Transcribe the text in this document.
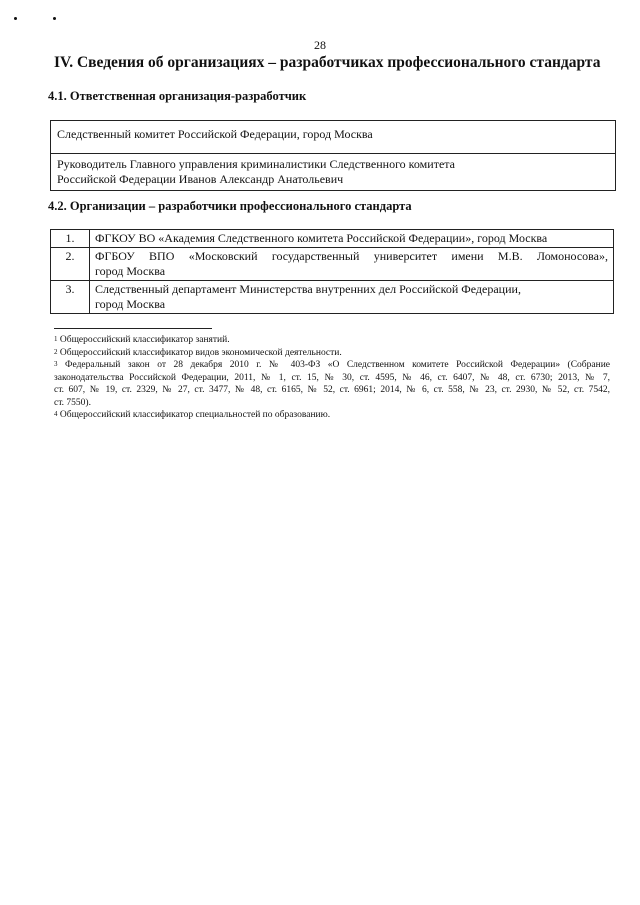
28
IV. Сведения об организациях – разработчиках профессионального стандарта
4.1. Ответственная организация-разработчик
Следственный комитет Российской Федерации, город Москва
Руководитель Главного управления криминалистики Следственного комитета
Российской Федерации Иванов Александр Анатольевич
4.2. Организации – разработчики профессионального стандарта
1.	ФГКОУ ВО «Академия Следственного комитета Российской Федерации», город Москва

2.	ФГБОУ ВПО «Московский государственный университет имени М.В. Ломоносова»,
город Москва

3.	Следственный департамент Министерства внутренних дел Российской Федерации,
город Москва
$^1$ Общероссийский классификатор занятий.
$^2$ Общероссийский классификатор видов экономической деятельности.
$^3$ Федеральный закон от 28 декабря 2010 г. № 403-ФЗ «О Следственном комитете Российской Федерации» (Собрание
законодательства Российской Федерации, 2011, № 1, ст. 15, № 30, ст. 4595, № 46, ст. 6407, № 48, ст. 6730; 2013, № 7,
ст. 607, № 19, ст. 2329, № 27, ст. 3477, № 48, ст. 6165, № 52, ст. 6961; 2014, № 6, ст. 558, № 23, ст. 2930, № 52, ст. 7542,
ст. 7550).
$^4$ Общероссийский классификатор специальностей по образованию.
